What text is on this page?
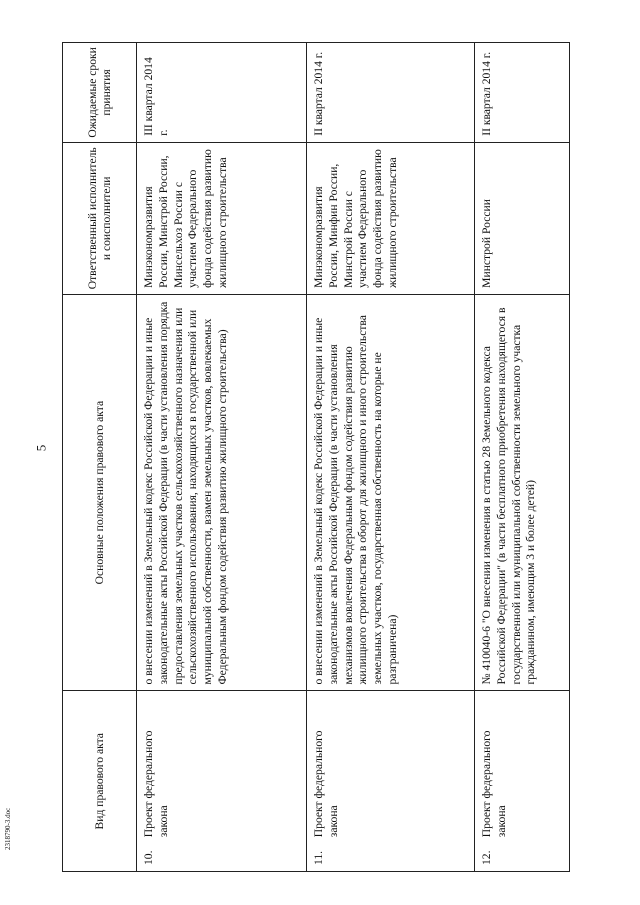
5
2318790-3.doc	Вид правового акта	Основные положения правового акта	Ответственный исполнитель и соисполнители	Ожидаемые сроки принятия

10.
Проект федерального закона	о внесении изменений в Земельный кодекс Российской Федерации и иные законодательные акты Российской Федерации (в части установления порядка предоставления земельных участков сельскохозяйственного назначения или сельскохозяйственного использования, находящихся в государственной или муниципальной собственности, взамен земельных участков, вовлекаемых Федеральным фондом содействия развитию жилищного строительства)	Минэкономразвития России, Минстрой России, Минсельхоз России с участием Федерального фонда содействия развитию жилищного строительства	III квартал 2014 г.

11.
Проект федерального закона	о внесении изменений в Земельный кодекс Российской Федерации и иные законодательные акты Российской Федерации (в части установления механизмов вовлечения Федеральным фондом содействия развитию жилищного строительства в оборот для жилищного и иного строительства земельных участков, государственная собственность на которые не разграничена)	Минэкономразвития России, Минфин России, Минстрой России с участием Федерального фонда содействия развитию жилищного строительства	II квартал 2014 г.

12.
Проект федерального закона	№ 410040-6 "О внесении изменения в статью 28 Земельного кодекса Российской Федерации" (в части бесплатного приобретения находящегося в государственной или муниципальной собственности земельного участка гражданином, имеющим 3 и более детей)	Минстрой России	II квартал 2014 г.
